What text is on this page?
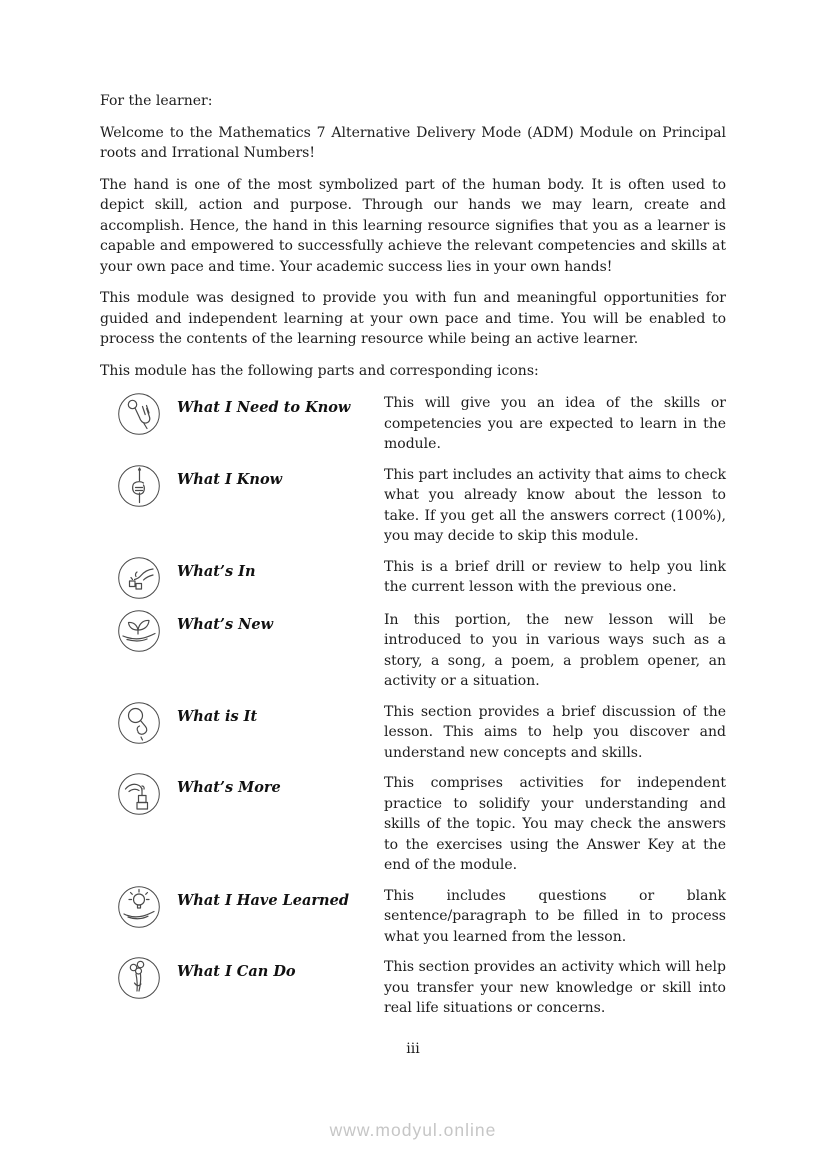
For the learner:

Welcome to the Mathematics 7 Alternative Delivery Mode (ADM) Module on Principal roots and Irrational Numbers!

The hand is one of the most symbolized part of the human body. It is often used to depict skill, action and purpose. Through our hands we may learn, create and accomplish. Hence, the hand in this learning resource signifies that you as a learner is capable and empowered to successfully achieve the relevant competencies and skills at your own pace and time. Your academic success lies in your own hands!

This module was designed to provide you with fun and meaningful opportunities for guided and independent learning at your own pace and time. You will be enabled to process the contents of the learning resource while being an active learner.

This module has the following parts and corresponding icons:

What I Need to Know	This will give you an idea of the skills or competencies you are expected to learn in the module.
What I Know	This part includes an activity that aims to check what you already know about the lesson to take. If you get all the answers correct (100%), you may decide to skip this module.
What’s In	This is a brief drill or review to help you link the current lesson with the previous one.
What’s New	In this portion, the new lesson will be introduced to you in various ways such as a story, a song, a poem, a problem opener, an activity or a situation.
What is It	This section provides a brief discussion of the lesson. This aims to help you discover and understand new concepts and skills.
What’s More	This comprises activities for independent practice to solidify your understanding and skills of the topic. You may check the answers to the exercises using the Answer Key at the end of the module.
What I Have Learned	This includes questions or blank sentence/paragraph to be filled in to process what you learned from the lesson.
What I Can Do	This section provides an activity which will help you transfer your new knowledge or skill into real life situations or concerns.
iii
www.modyul.online
